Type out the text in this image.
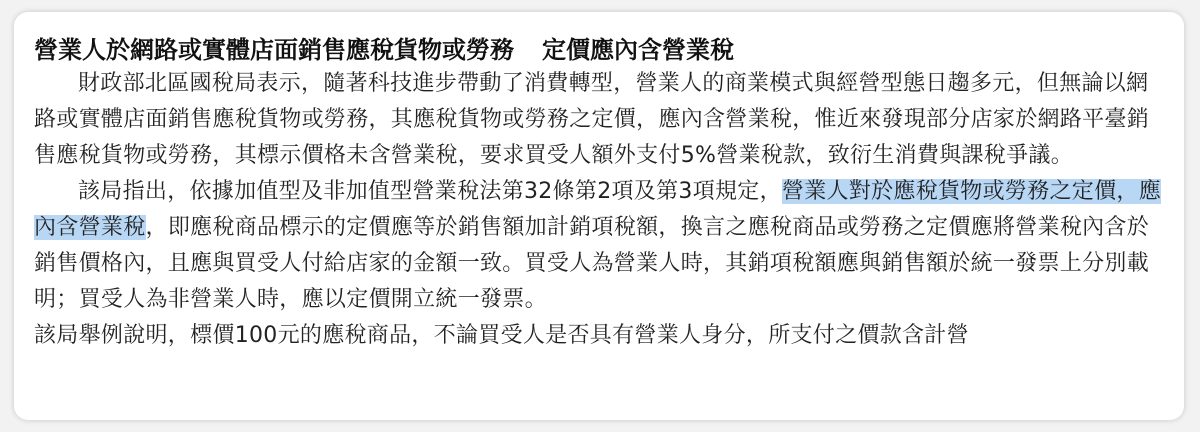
營業人於網路或實體店面銷售應稅貨物或勞務 定價應內含營業稅

財政部北區國稅局表示，隨著科技進步帶動了消費轉型，營業人的商業模式與經營型態日趨多元，但無論以網路或實體店面銷售應稅貨物或勞務，其應稅貨物或勞務之定價，應內含營業稅，惟近來發現部分店家於網路平臺銷售應稅貨物或勞務，其標示價格未含營業稅，要求買受人額外支付5%營業稅款，致衍生消費與課稅爭議。

該局指出，依據加值型及非加值型營業稅法第32條第2項及第3項規定，營業人對於應稅貨物或勞務之定價，應內含營業稅，即應稅商品標示的定價應等於銷售額加計銷項稅額，換言之應稅商品或勞務之定價應將營業稅內含於銷售價格內，且應與買受人付給店家的金額一致。買受人為營業人時，其銷項稅額應與銷售額於統一發票上分別載明；買受人為非營業人時，應以定價開立統一發票。

該局舉例說明，標價100元的應稅商品，不論買受人是否具有營業人身分，所支付之價款含計營
